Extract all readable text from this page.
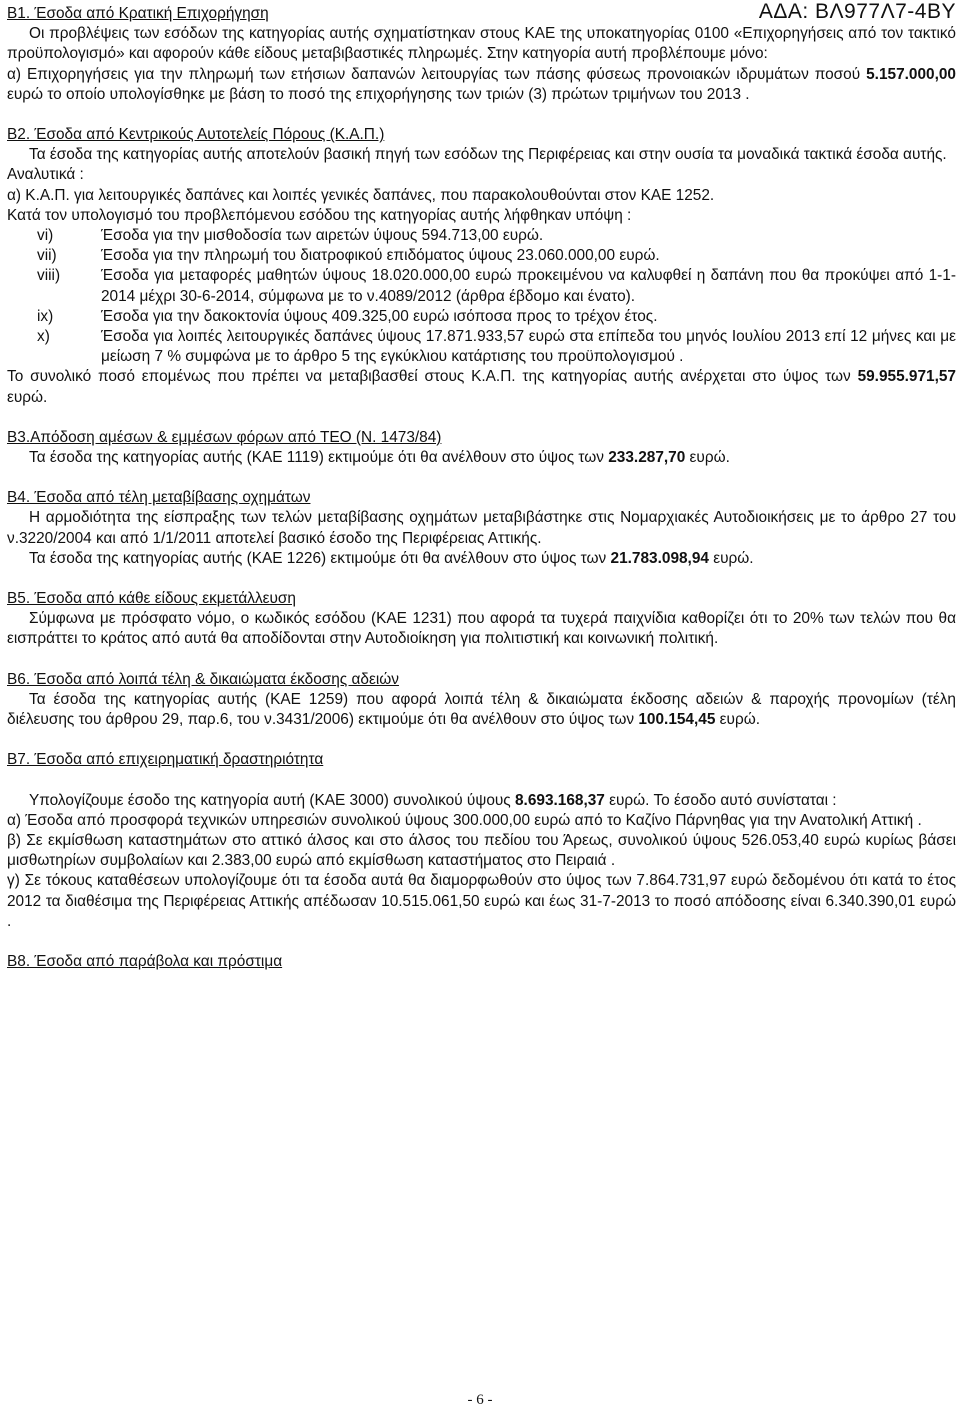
ΑΔΑ: ΒΛ977Λ7-4ΒΥ

Β1. Έσοδα από Κρατική Επιχορήγηση

Οι προβλέψεις των εσόδων της κατηγορίας αυτής σχηματίστηκαν στους ΚΑΕ της υποκατηγορίας 0100 «Επιχορηγήσεις από τον τακτικό προϋπολογισμό» και αφορούν κάθε είδους μεταβιβαστικές πληρωμές. Στην κατηγορία αυτή προβλέπουμε μόνο:

α) Επιχορηγήσεις για την πληρωμή των ετήσιων δαπανών λειτουργίας των πάσης φύσεως προνοιακών ιδρυμάτων ποσού 5.157.000,00 ευρώ το οποίο υπολογίσθηκε με βάση το ποσό της επιχορήγησης των τριών (3) πρώτων τριμήνων του 2013 .

Β2. Έσοδα από Κεντρικούς Αυτοτελείς Πόρους (Κ.Α.Π.)

Τα έσοδα της κατηγορίας αυτής αποτελούν βασική πηγή των εσόδων της Περιφέρειας και στην ουσία τα μοναδικά τακτικά έσοδα αυτής.

Αναλυτικά :

α) Κ.Α.Π. για λειτουργικές δαπάνες και λοιπές γενικές δαπάνες, που παρακολουθούνται στον ΚΑΕ 1252.

Κατά τον υπολογισμό του προβλεπόμενου εσόδου της κατηγορίας αυτής λήφθηκαν υπόψη :

vi)	Έσοδα για την μισθοδοσία των αιρετών ύψους 594.713,00 ευρώ.
vii)	Έσοδα για την πληρωμή του διατροφικού επιδόματος ύψους 23.060.000,00 ευρώ.
viii)	Έσοδα για μεταφορές μαθητών ύψους 18.020.000,00 ευρώ προκειμένου να καλυφθεί η δαπάνη που θα προκύψει από 1-1-2014 μέχρι 30-6-2014, σύμφωνα με το ν.4089/2012 (άρθρα έβδομο και ένατο).
ix)	Έσοδα για την δακοκτονία ύψους 409.325,00 ευρώ ισόποσα προς το τρέχον έτος.
x)	Έσοδα για λοιπές λειτουργικές δαπάνες ύψους 17.871.933,57 ευρώ στα επίπεδα του μηνός Ιουλίου 2013 επί 12 μήνες και με μείωση 7 % συμφώνα με το άρθρο 5 της εγκύκλιου κατάρτισης του προϋπολογισμού .

Το συνολικό ποσό επομένως που πρέπει να μεταβιβασθεί στους Κ.Α.Π. της κατηγορίας αυτής ανέρχεται στο ύψος των 59.955.971,57 ευρώ.

Β3.Απόδοση αμέσων & εμμέσων φόρων από ΤΕΟ (Ν. 1473/84)

Τα έσοδα της κατηγορίας αυτής (ΚΑΕ 1119) εκτιμούμε ότι θα ανέλθουν στο ύψος των 233.287,70 ευρώ.

Β4. Έσοδα από τέλη μεταβίβασης οχημάτων

Η αρμοδιότητα της είσπραξης των τελών μεταβίβασης οχημάτων μεταβιβάστηκε στις Νομαρχιακές Αυτοδιοικήσεις με το άρθρο 27 του ν.3220/2004 και από 1/1/2011 αποτελεί βασικό έσοδο της Περιφέρειας Αττικής.

Τα έσοδα της κατηγορίας αυτής (ΚΑΕ 1226) εκτιμούμε ότι θα ανέλθουν στο ύψος των 21.783.098,94 ευρώ.

Β5. Έσοδα από κάθε είδους εκμετάλλευση

Σύμφωνα με πρόσφατο νόμο, ο κωδικός εσόδου (ΚΑΕ 1231) που αφορά τα τυχερά παιχνίδια καθορίζει ότι το 20% των τελών που θα εισπράττει το κράτος από αυτά θα αποδίδονται στην Αυτοδιοίκηση για πολιτιστική και κοινωνική πολιτική.

Β6. Έσοδα από λοιπά τέλη & δικαιώματα έκδοσης αδειών

Τα έσοδα της κατηγορίας αυτής (ΚΑΕ 1259) που αφορά λοιπά τέλη & δικαιώματα έκδοσης αδειών & παροχής προνομίων (τέλη διέλευσης του άρθρου 29, παρ.6, του ν.3431/2006) εκτιμούμε ότι θα ανέλθουν στο ύψος των 100.154,45 ευρώ.

Β7. Έσοδα από επιχειρηματική δραστηριότητα

Υπολογίζουμε έσοδο της κατηγορία αυτή (ΚΑΕ 3000) συνολικού ύψους 8.693.168,37 ευρώ. Το έσοδο αυτό συνίσταται :

α) Έσοδα από προσφορά τεχνικών υπηρεσιών συνολικού ύψους 300.000,00 ευρώ από το Καζίνο Πάρνηθας για την Ανατολική Αττική .

β) Σε εκμίσθωση καταστημάτων στο αττικό άλσος και στο άλσος του πεδίου του Άρεως, συνολικού ύψους 526.053,40 ευρώ κυρίως βάσει μισθωτηρίων συμβολαίων και 2.383,00 ευρώ από εκμίσθωση καταστήματος στο Πειραιά .

γ) Σε τόκους καταθέσεων υπολογίζουμε ότι τα έσοδα αυτά θα διαμορφωθούν στο ύψος των 7.864.731,97 ευρώ δεδομένου ότι κατά το έτος 2012 τα διαθέσιμα της Περιφέρειας Αττικής απέδωσαν 10.515.061,50 ευρώ και έως 31-7-2013 το ποσό απόδοσης είναι 6.340.390,01 ευρώ .

Β8. Έσοδα από παράβολα και πρόστιμα

- 6 -
